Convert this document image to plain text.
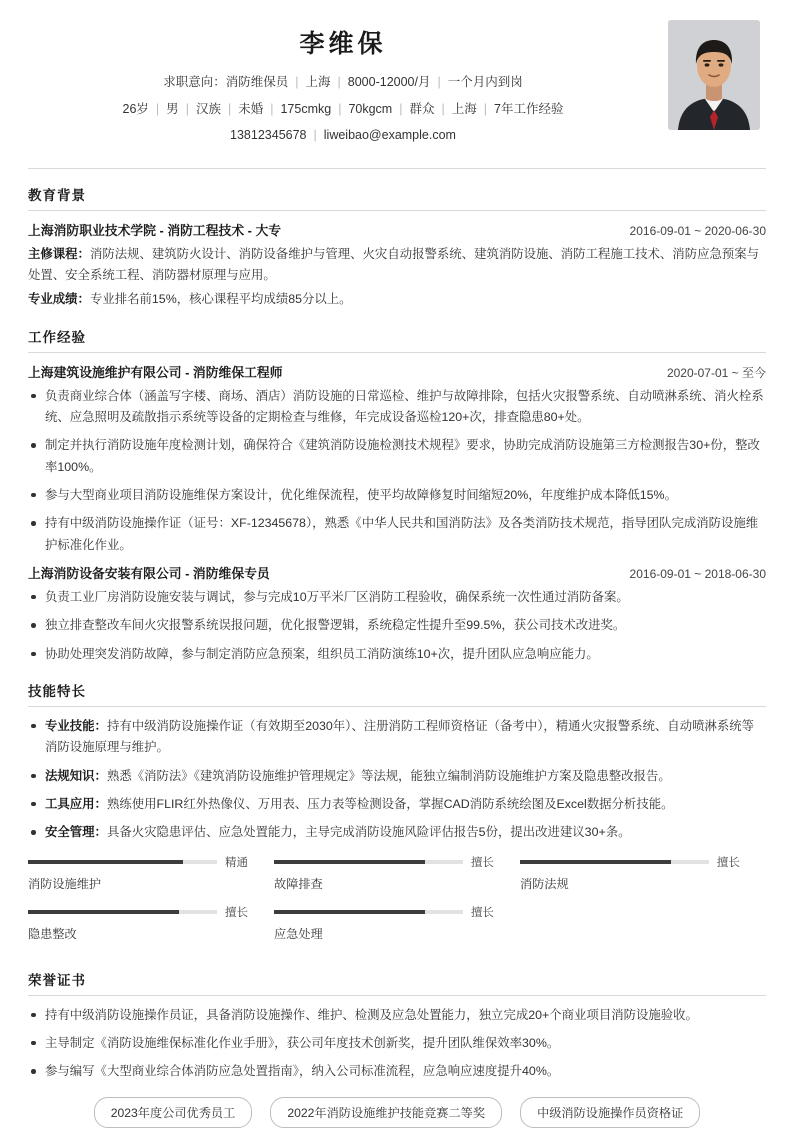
李维保
求职意向：消防维保员 | 上海 | 8000-12000/月 | 一个月内到岗
26岁 | 男 | 汉族 | 未婚 | 175cmkg | 70kgcm | 群众 | 上海 | 7年工作经验
13812345678 | liweibao@example.com
教育背景
上海消防职业技术学院 - 消防工程技术 - 大专	2016-09-01 ~ 2020-06-30
主修课程：消防法规、建筑防火设计、消防设备维护与管理、火灾自动报警系统、建筑消防设施、消防工程施工技术、消防应急预案与处置、安全系统工程、消防器材原理与应用。
专业成绩：专业排名前15%，核心课程平均成绩85分以上。
工作经验
上海建筑设施维护有限公司 - 消防维保工程师	2020-07-01 ~ 至今
负责商业综合体（涵盖写字楼、商场、酒店）消防设施的日常巡检、维护与故障排除，包括火灾报警系统、自动喷淋系统、消火栓系统、应急照明及疏散指示系统等设备的定期检查与维修，年完成设备巡检120+次，排查隐患80+处。
制定并执行消防设施年度检测计划，确保符合《建筑消防设施检测技术规程》要求，协助完成消防设施第三方检测报告30+份，整改率100%。
参与大型商业项目消防设施维保方案设计，优化维保流程，使平均故障修复时间缩短20%，年度维护成本降低15%。
持有中级消防设施操作证（证号：XF-12345678），熟悉《中华人民共和国消防法》及各类消防技术规范，指导团队完成消防设施维护标准化作业。
上海消防设备安装有限公司 - 消防维保专员	2016-09-01 ~ 2018-06-30
负责工业厂房消防设施安装与调试，参与完成10万平米厂区消防工程验收，确保系统一次性通过消防备案。
独立排查整改车间火灾报警系统误报问题，优化报警逻辑，系统稳定性提升至99.5%，获公司技术改进奖。
协助处理突发消防故障，参与制定消防应急预案，组织员工消防演练10+次，提升团队应急响应能力。
技能特长
专业技能：持有中级消防设施操作证（有效期至2030年）、注册消防工程师资格证（备考中），精通火灾报警系统、自动喷淋系统等消防设施原理与维护。
法规知识：熟悉《消防法》《建筑消防设施维护管理规定》等法规，能独立编制消防设施维护方案及隐患整改报告。
工具应用：熟练使用FLIR红外热像仪、万用表、压力表等检测设备，掌握CAD消防系统绘图及Excel数据分析技能。
安全管理：具备火灾隐患评估、应急处置能力，主导完成消防设施风险评估报告5份，提出改进建议30+条。
精通
消防设施维护
擅长
故障排查
擅长
消防法规
擅长
隐患整改
擅长
应急处理
荣誉证书
持有中级消防设施操作员证，具备消防设施操作、维护、检测及应急处置能力，独立完成20+个商业项目消防设施验收。
主导制定《消防设施维保标准化作业手册》，获公司年度技术创新奖，提升团队维保效率30%。
参与编写《大型商业综合体消防应急处置指南》，纳入公司标准流程，应急响应速度提升40%。
2023年度公司优秀员工	2022年消防设施维护技能竞赛二等奖	中级消防设施操作员资格证
